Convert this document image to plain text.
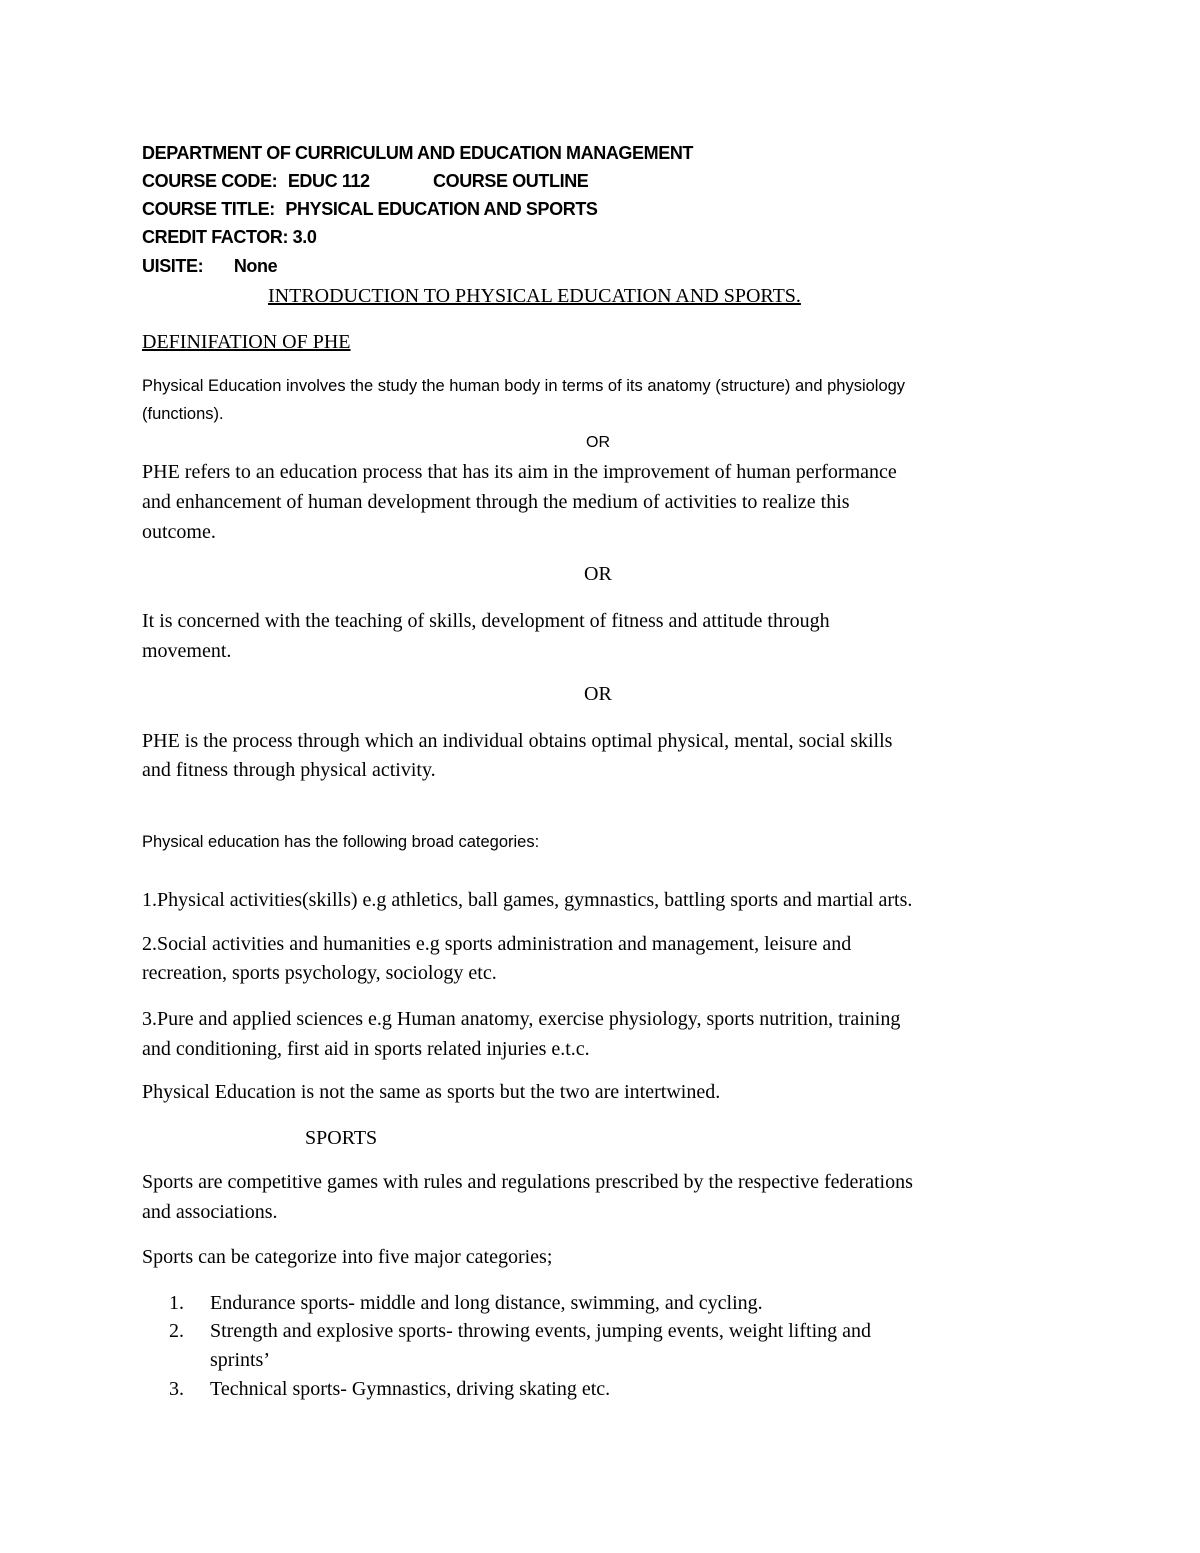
DEPARTMENT OF CURRICULUM AND EDUCATION MANAGEMENT

COURSE CODE: EDUC 112	COURSE OUTLINE

COURSE TITLE: PHYSICAL EDUCATION AND SPORTS

CREDIT FACTOR: 3.0

UISITE: None

INTRODUCTION TO PHYSICAL EDUCATION AND SPORTS.

DEFINIFATION OF PHE

Physical Education involves the study the human body in terms of its anatomy (structure) and physiology

(functions).

OR

PHE refers to an education process that has its aim in the improvement of human performance

and enhancement of human development through the medium of activities to realize this

outcome.

OR

It is concerned with the teaching of skills, development of fitness and attitude through

movement.

OR

PHE is the process through which an individual obtains optimal physical, mental, social skills

and fitness through physical activity.

Physical education has the following broad categories:

1.Physical activities(skills) e.g athletics, ball games, gymnastics, battling sports and martial arts.

2.Social activities and humanities e.g sports administration and management, leisure and

recreation, sports psychology, sociology etc.

3.Pure and applied sciences e.g Human anatomy, exercise physiology, sports nutrition, training

and conditioning, first aid in sports related injuries e.t.c.

Physical Education is not the same as sports but the two are intertwined.

SPORTS

Sports are competitive games with rules and regulations prescribed by the respective federations

and associations.

Sports can be categorize into five major categories;

1. Endurance sports- middle and long distance, swimming, and cycling.

2. Strength and explosive sports- throwing events, jumping events, weight lifting and

sprints’

3. Technical sports- Gymnastics, driving skating etc.
